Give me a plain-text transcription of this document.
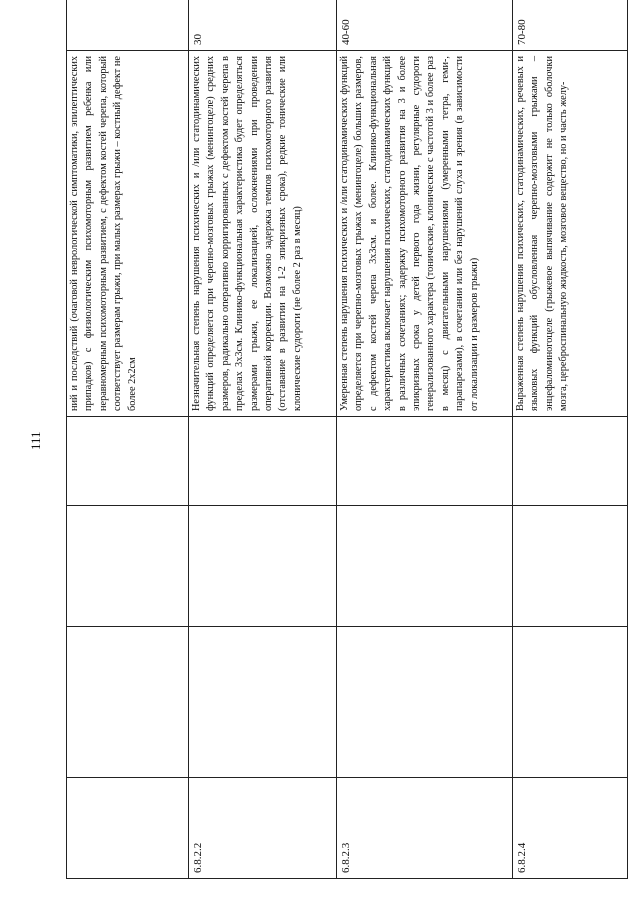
111
				ний и последствий (очаговой неврологической симптоматики, эпилептических припадков) с физиологическим психомоторным развитием ребенка или неравномерным психомоторным развитием, с дефектом костей черепа, который соответствует размерам грыжи, при малых размерах грыжи – костный дефект не более 2х2см	
6.8.2.2				Незначительная степень нарушения психических и /или статодинамических функций определяется при черепно-мозговых грыжах (менингоцеле) средних размеров, радикально оперативно корригированных с дефектом костей черепа в пределах 3х3см. Клинико-функциональная характеристика будет определяться размерами грыжи, ее локализацией, осложнениями при проведении оперативной коррекции. Возможно задержка темпов психомоторного развития (отставание в развитии на 1-2 эпикризных срока), редкие тонические или клонические судороги (не более 2 раз в месяц)	30
6.8.2.3				Умеренная степень нарушения психических и /или статодинамических функций определяется при черепно-мозговых грыжах (менингоцеле) больших размеров, с дефектом костей черепа 3х3см. и более. Клинико-функциональная характеристика включает нарушения психических, статодинамических функций в различных сочетаниях; задержку психомоторного развития на 3 и более эпикризных срока у детей первого года жизни, регулярные судороги генерализованного характера (тонические, клонические с частотой 3 и более раз в месяц) с двигательными нарушениями (умеренными тетра, геми-, парапарезами), в сочетании или без нарушений слуха и зрения (в зависимости от локализации и размеров грыжи)	40-60
6.8.2.4				Выраженная степень нарушения психических, статодинамических, речевых и языковых функций обусловленная черепно-мозговыми грыжами – энцефаломиногоцеле (грыжевое выпячивание содержит не только оболочки мозга, цереброспинальную жидкость, мозговое вещество, но и часть желу-	70-80
